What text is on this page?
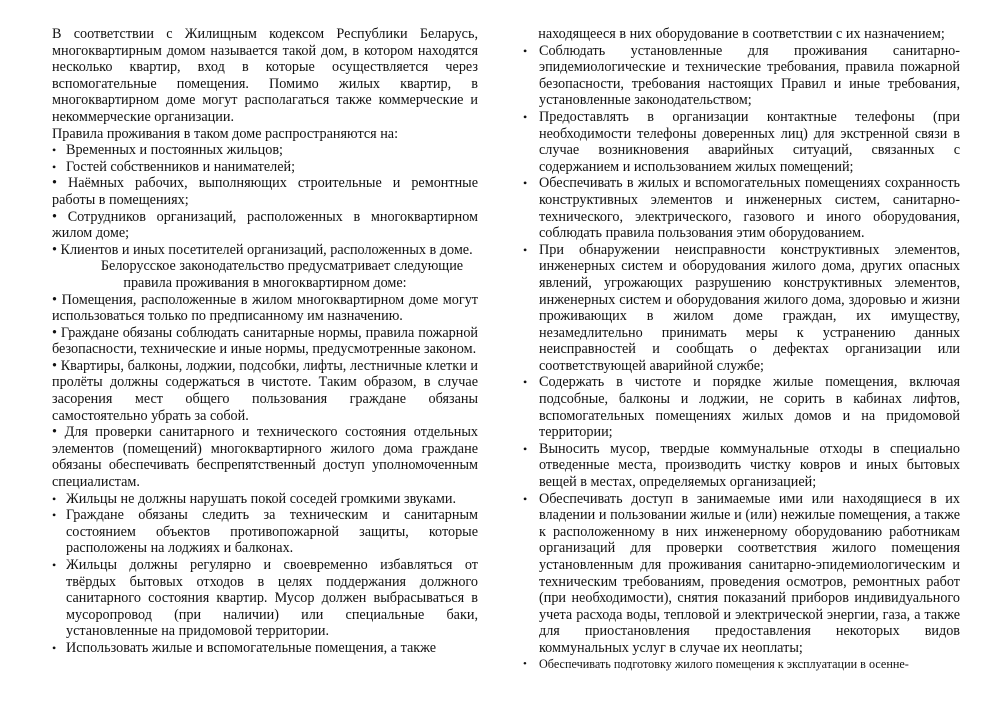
В соответствии с Жилищным кодексом Республики Беларусь, многоквартирным домом называется такой дом, в котором находятся несколько квартир, вход в которые осуществляется через вспомогательные помещения. Помимо жилых квартир, в многоквартирном доме могут располагаться также коммерческие и некоммерческие организации.

Правила проживания в таком доме распространяются на:

• Временных и постоянных жильцов;

• Гостей собственников и нанимателей;

• Наёмных рабочих, выполняющих строительные и ремонтные работы в помещениях;

• Сотрудников организаций, расположенных в многоквартирном жилом доме;

• Клиентов и иных посетителей организаций, расположенных в доме.

Белорусское законодательство предусматривает следующие правила проживания в многоквартирном доме:

• Помещения, расположенные в жилом многоквартирном доме могут использоваться только по предписанному им назначению.

• Граждане обязаны соблюдать санитарные нормы, правила пожарной безопасности, технические и иные нормы, предусмотренные законом.

• Квартиры, балконы, лоджии, подсобки, лифты, лестничные клетки и пролёты должны содержаться в чистоте. Таким образом, в случае засорения мест общего пользования граждане обязаны самостоятельно убрать за собой.

• Для проверки санитарного и технического состояния отдельных элементов (помещений) многоквартирного жилого дома граждане обязаны обеспечивать беспрепятственный доступ уполномоченным специалистам.

• Жильцы не должны нарушать покой соседей громкими звуками.

• Граждане обязаны следить за техническим и санитарным состоянием объектов противопожарной защиты, которые расположены на лоджиях и балконах.

• Жильцы должны регулярно и своевременно избавляться от твёрдых бытовых отходов в целях поддержания должного санитарного состояния квартир. Мусор должен выбрасываться в мусоропровод (при наличии) или специальные баки, установленные на придомовой территории.

• Использовать жилые и вспомогательные помещения, а также

находящееся в них оборудование в соответствии с их назначением;

• Соблюдать установленные для проживания санитарно-эпидемиологические и технические требования, правила пожарной безопасности, требования настоящих Правил и иные требования, установленные законодательством;

• Предоставлять в организации контактные телефоны (при необходимости телефоны доверенных лиц) для экстренной связи в случае возникновения аварийных ситуаций, связанных с содержанием и использованием жилых помещений;

• Обеспечивать в жилых и вспомогательных помещениях сохранность конструктивных элементов и инженерных систем, санитарно-технического, электрического, газового и иного оборудования, соблюдать правила пользования этим оборудованием.

• При обнаружении неисправности конструктивных элементов, инженерных систем и оборудования жилого дома, других опасных явлений, угрожающих разрушению конструктивных элементов, инженерных систем и оборудования жилого дома, здоровью и жизни проживающих в жилом доме граждан, их имуществу, незамедлительно принимать меры к устранению данных неисправностей и сообщать о дефектах организации или соответствующей аварийной службе;

• Содержать в чистоте и порядке жилые помещения, включая подсобные, балконы и лоджии, не сорить в кабинах лифтов, вспомогательных помещениях жилых домов и на придомовой территории;

• Выносить мусор, твердые коммунальные отходы в специально отведенные места, производить чистку ковров и иных бытовых вещей в местах, определяемых организацией;

• Обеспечивать доступ в занимаемые ими или находящиеся в их владении и пользовании жилые и (или) нежилые помещения, а также к расположенному в них инженерному оборудованию работникам организаций для проверки соответствия жилого помещения установленным для проживания санитарно-эпидемиологическим и техническим требованиям, проведения осмотров, ремонтных работ (при необходимости), снятия показаний приборов индивидуального учета расхода воды, тепловой и электрической энергии, газа, а также для приостановления предоставления некоторых видов коммунальных услуг в случае их неоплаты;

• Обеспечивать подготовку жилого помещения к эксплуатации в осенне-
